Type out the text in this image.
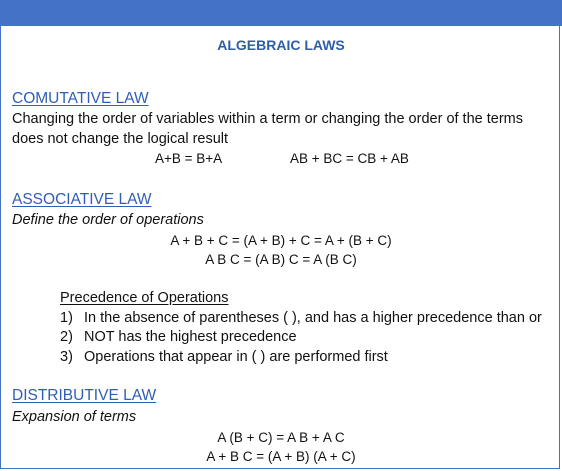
ALGEBRAIC LAWS
COMUTATIVE LAW
Changing the order of variables within a term or changing the order of the terms
does not change the logical result
A+B = B+A	AB + BC = CB + AB
ASSOCIATIVE LAW
Define the order of operations
A + B + C = (A + B) + C = A + (B + C)
A B C = (A B) C = A (B C)
Precedence of Operations
1) In the absence of parentheses ( ), and has a higher precedence than or
2) NOT has the highest precedence
3) Operations that appear in ( ) are performed first
DISTRIBUTIVE LAW
Expansion of terms
A (B + C) = A B + A C
A + B C = (A + B) (A + C)
